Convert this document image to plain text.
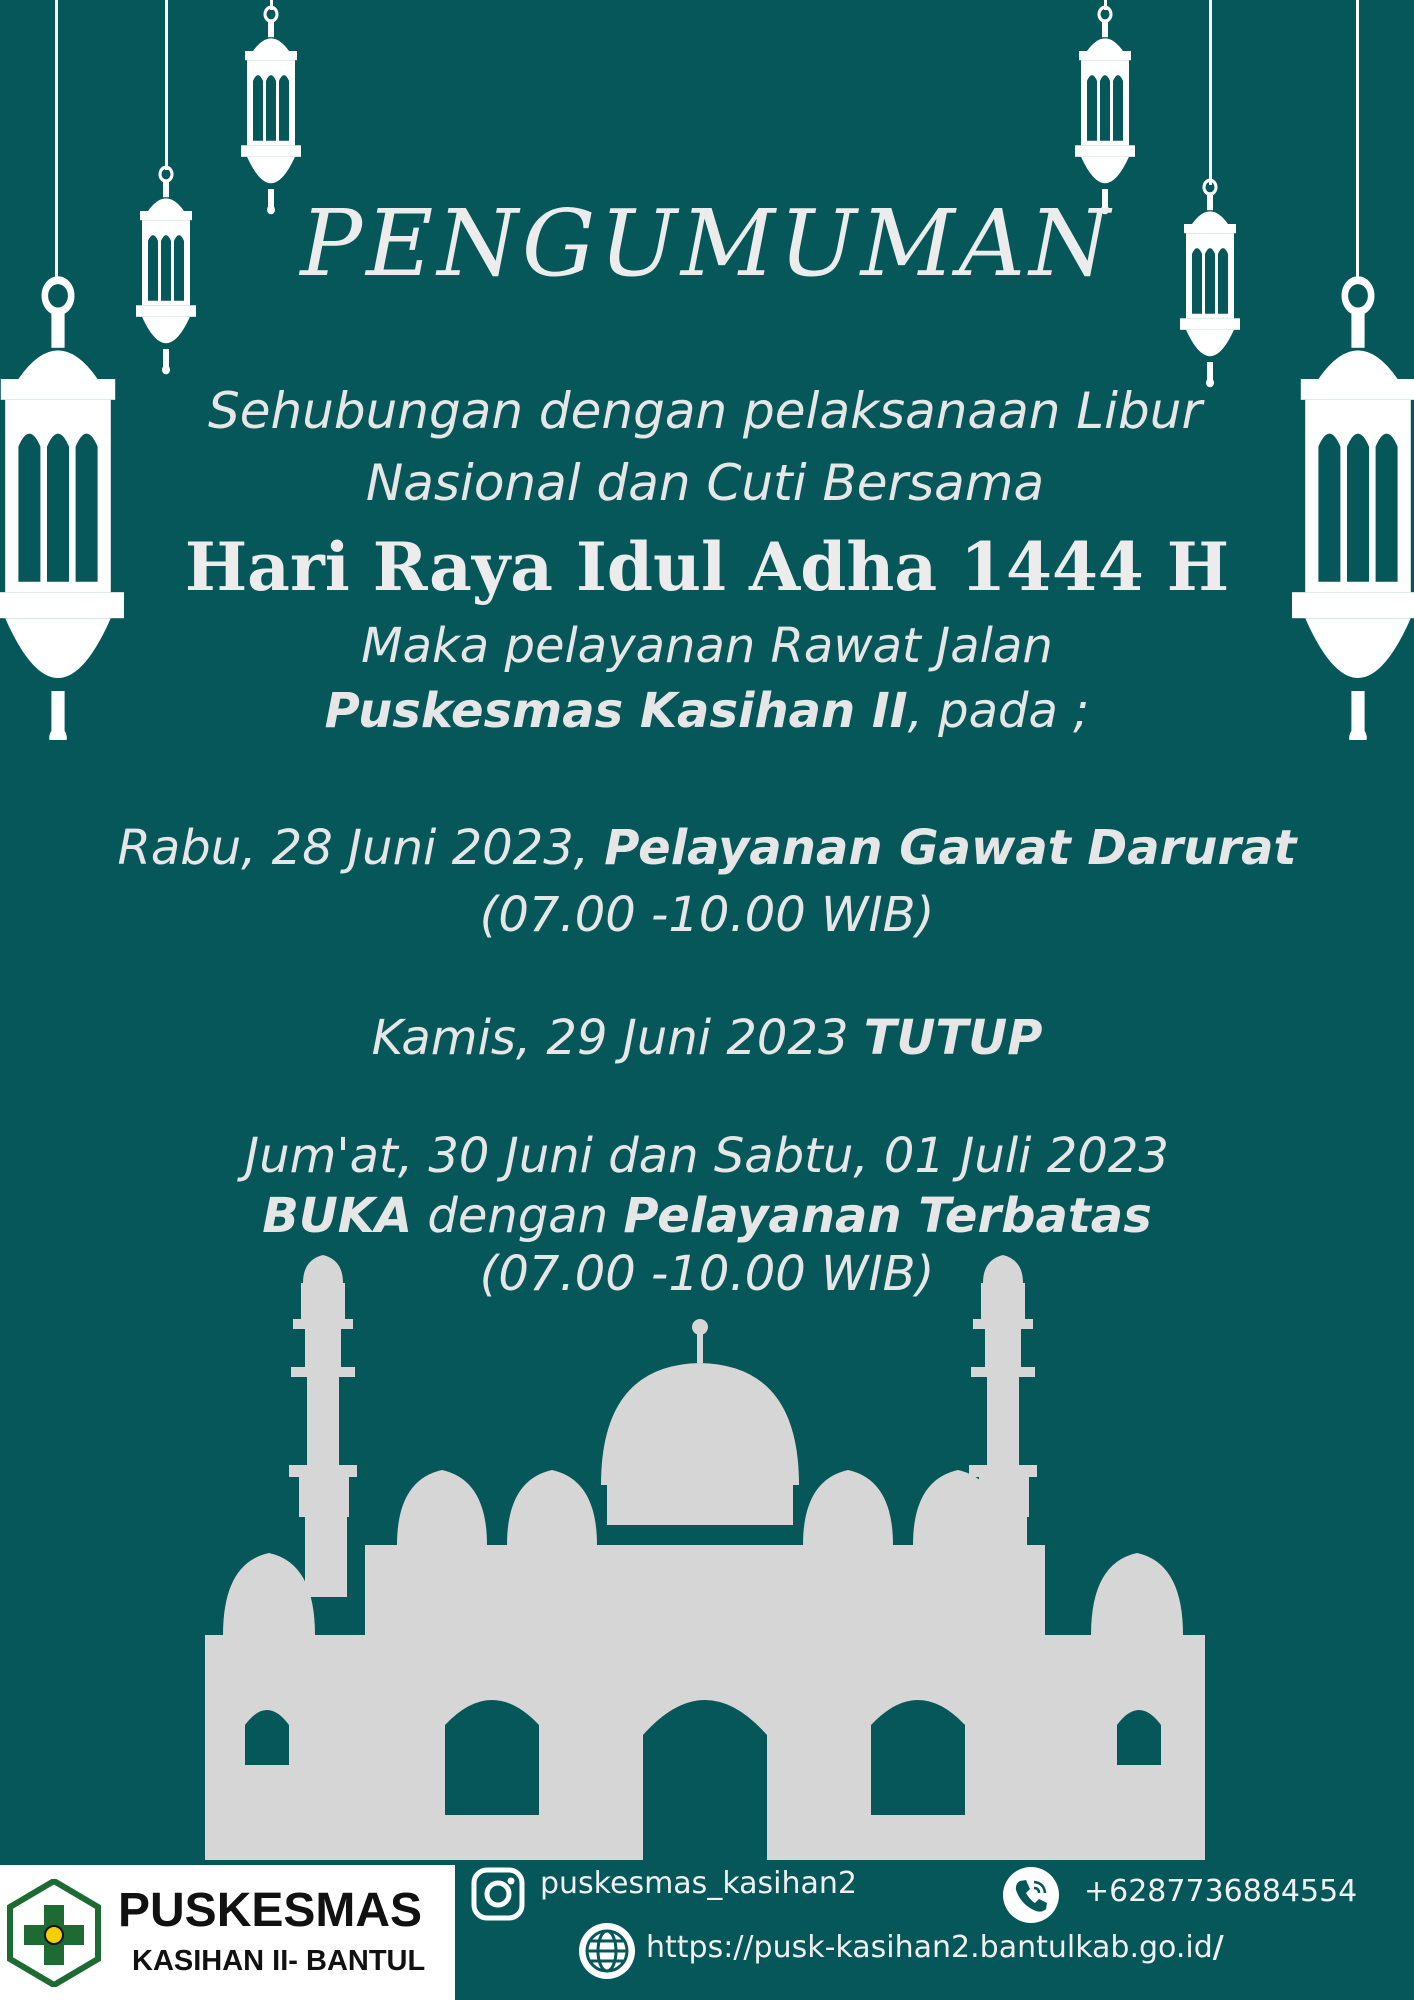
PENGUMUMAN
Sehubungan dengan pelaksanaan Libur Nasional dan Cuti Bersama
Hari Raya Idul Adha 1444 H
Maka pelayanan Rawat Jalan
Puskesmas Kasihan II, pada ;
Rabu, 28 Juni 2023, Pelayanan Gawat Darurat
(07.00 -10.00 WIB)
Kamis, 29 Juni 2023 TUTUP
Jum'at, 30 Juni dan Sabtu, 01 Juli 2023
BUKA dengan Pelayanan Terbatas
(07.00 -10.00 WIB)
PUSKESMAS
KASIHAN II- BANTUL
puskesmas_kasihan2	+6287736884554
https://pusk-kasihan2.bantulkab.go.id/
